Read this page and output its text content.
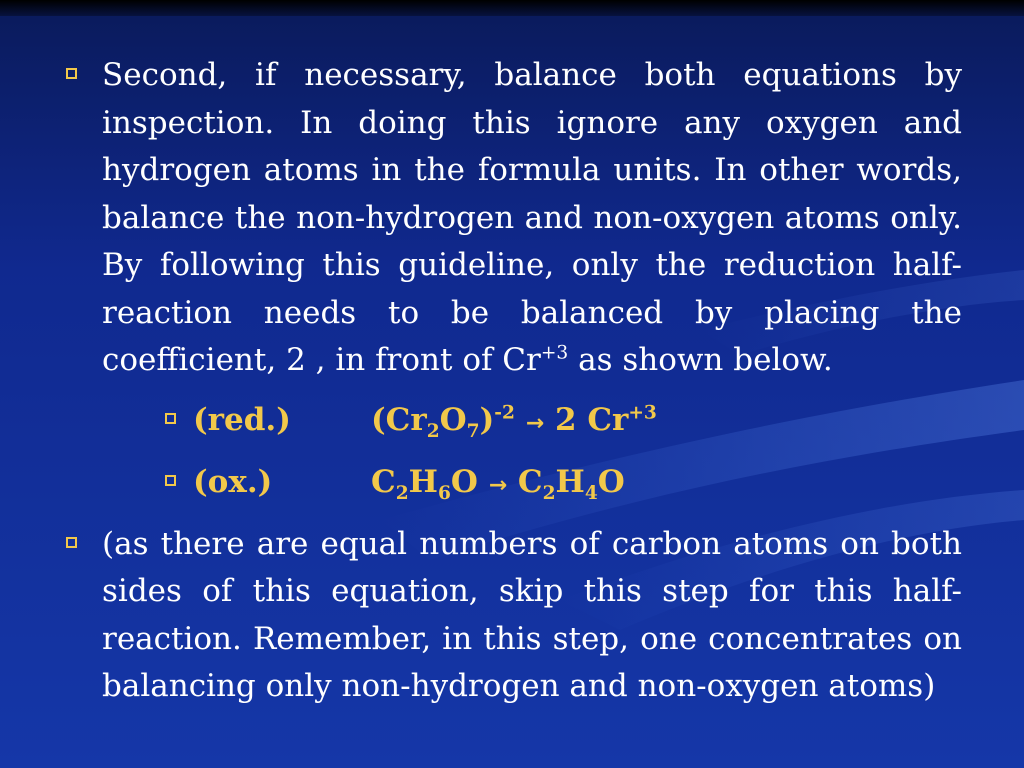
Second, if necessary, balance both equations by inspection. In doing this ignore any oxygen and hydrogen atoms in the formula units. In other words, balance the non-hydrogen and non-oxygen atoms only. By following this guideline, only the reduction half-reaction needs to be balanced by placing the coefficient, 2 , in front of $Cr^{+3}$ as shown below.
(red.)	$(Cr_2O_7)^{-2} \to 2$ $Cr^{+3}$
(ox.)	$C_2H_6O \to C_2H_4O$
(as there are equal numbers of carbon atoms on both sides of this equation, skip this step for this half-reaction. Remember, in this step, one concentrates on balancing only non-hydrogen and non-oxygen atoms)
